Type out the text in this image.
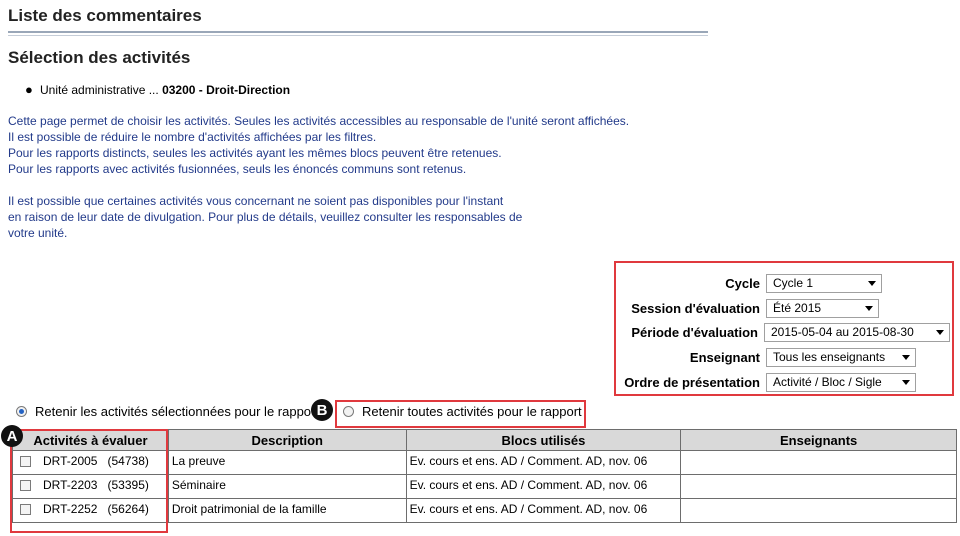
Liste des commentaires
Sélection des activités
● Unité administrative ... 03200 - Droit-Direction

Cette page permet de choisir les activités. Seules les activités accessibles au responsable de l'unité seront affichées.

Il est possible de réduire le nombre d'activités affichées par les filtres.

Pour les rapports distincts, seules les activités ayant les mêmes blocs peuvent être retenues.

Pour les rapports avec activités fusionnées, seuls les énoncés communs sont retenus.

Il est possible que certaines activités vous concernant ne soient pas disponibles pour l'instant

en raison de leur date de divulgation. Pour plus de détails, veuillez consulter les responsables de

votre unité.

Cycle Cycle 1
Session d'évaluation Été 2015
Période d'évaluation 2015-05-04 au 2015-08-30
Enseignant Tous les enseignants
Ordre de présentation Activité / Bloc / Sigle
Retenir les activités sélectionnées pour le rappo	Retenir toutes activités pour le rapport
B
Activités à évaluer	Description	Blocs utilisés	Enseignants
DRT-2005 (54738)	La preuve	Ev. cours et ens. AD / Comment. AD, nov. 06	
DRT-2203 (53395)	Séminaire	Ev. cours et ens. AD / Comment. AD, nov. 06	
DRT-2252 (56264)	Droit patrimonial de la famille	Ev. cours et ens. AD / Comment. AD, nov. 06	
A
